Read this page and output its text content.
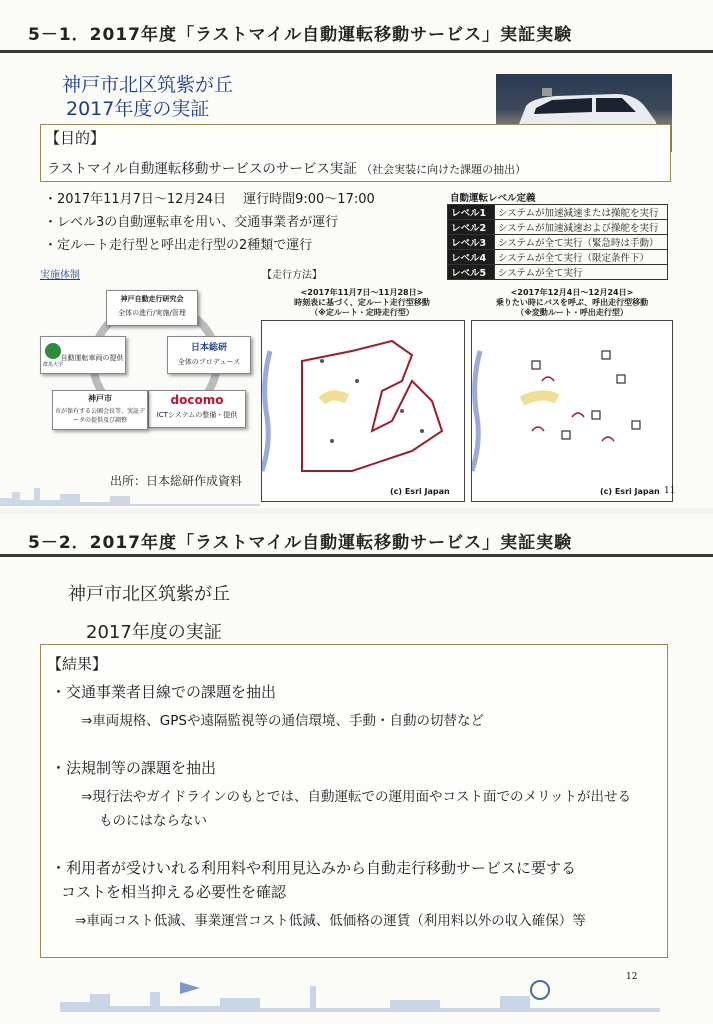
5－1．2017年度「ラストマイル自動運転移動サービス」実証実験
神戸市北区筑紫が丘
2017年度の実証
【目的】
ラストマイル自動運転移動サービスのサービス実証 （社会実装に向けた課題の抽出）
・2017年11月7日～12月24日　 運行時間9:00～17:00
・レベル3の自動運転車を用い、交通事業者が運行
・定ルート走行型と呼出走行型の2種類で運行
自動運転レベル定義
レベル1	システムが加速減速または操舵を実行
レベル2	システムが加速減速および操舵を実行
レベル3	システムが全て実行（緊急時は手動）
レベル4	システムが全て実行（限定条件下）
レベル5	システムが全て実行
実施体制
神戸自動走行研究会
全体の進行/実施/管理
日本総研
全体のプロデュース
docomo
ICTシステムの整備・提供
神戸市
市が保有する公園会長等、実証データの提供及び調整
群馬大学
自動運転車両の提供
出所：日本総研作成資料
【走行方法】
(c) Esri Japan
<2017年11月7日～11月28日>
時刻表に基づく、定ルート走行型移動
（※定ルート・定時走行型）
(c) Esri Japan
<2017年12月4日～12月24日>
乗りたい時にバスを呼ぶ、呼出走行型移動
（※変動ルート・呼出走行型）
11
5－2．2017年度「ラストマイル自動運転移動サービス」実証実験
神戸市北区筑紫が丘
2017年度の実証
【結果】
・交通事業者目線での課題を抽出
⇒車両規格、GPSや遠隔監視等の通信環境、手動・自動の切替など
・法規制等の課題を抽出
⇒現行法やガイドラインのもとでは、自動運転での運用面やコスト面でのメリットが出せる
ものにはならない
・利用者が受けいれる利用料や利用見込みから自動走行移動サービスに要する
コストを相当抑える必要性を確認
⇒車両コスト低減、事業運営コスト低減、低価格の運賃（利用料以外の収入確保）等
12
